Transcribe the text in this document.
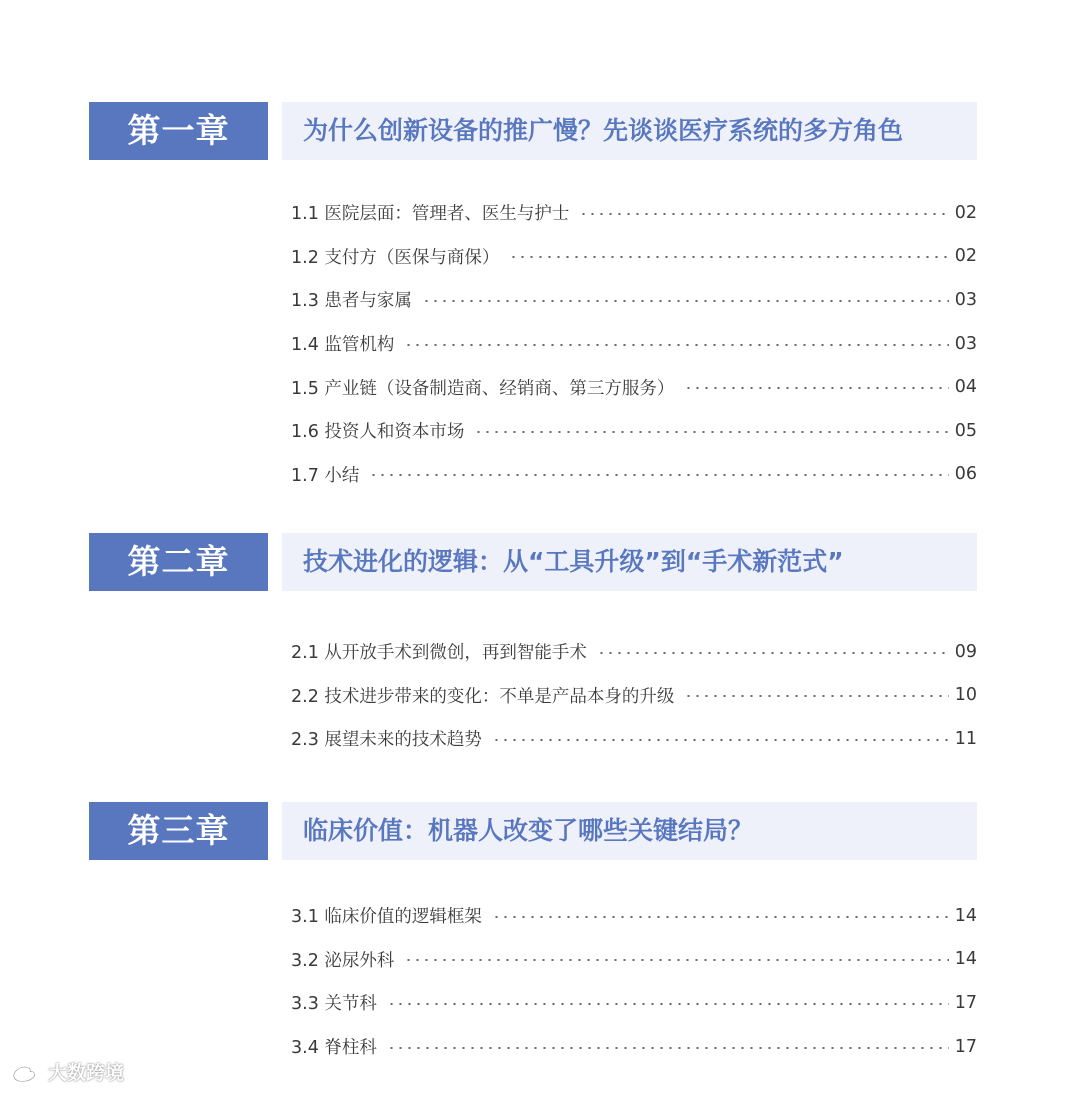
第一章	为什么创新设备的推广慢？先谈谈医疗系统的多方角色
1.1 医院层面：管理者、医生与护士	02
1.2 支付方（医保与商保）	02
1.3 患者与家属	03
1.4 监管机构	03
1.5 产业链（设备制造商、经销商、第三方服务）	04
1.6 投资人和资本市场	05
1.7 小结	06
第二章	技术进化的逻辑：从“工具升级”到“手术新范式”
2.1 从开放手术到微创，再到智能手术	09
2.2 技术进步带来的变化：不单是产品本身的升级	10
2.3 展望未来的技术趋势	11
第三章	临床价值：机器人改变了哪些关键结局？
3.1 临床价值的逻辑框架	14
3.2 泌尿外科	14
3.3 关节科	17
3.4 脊柱科	17
大数跨境
